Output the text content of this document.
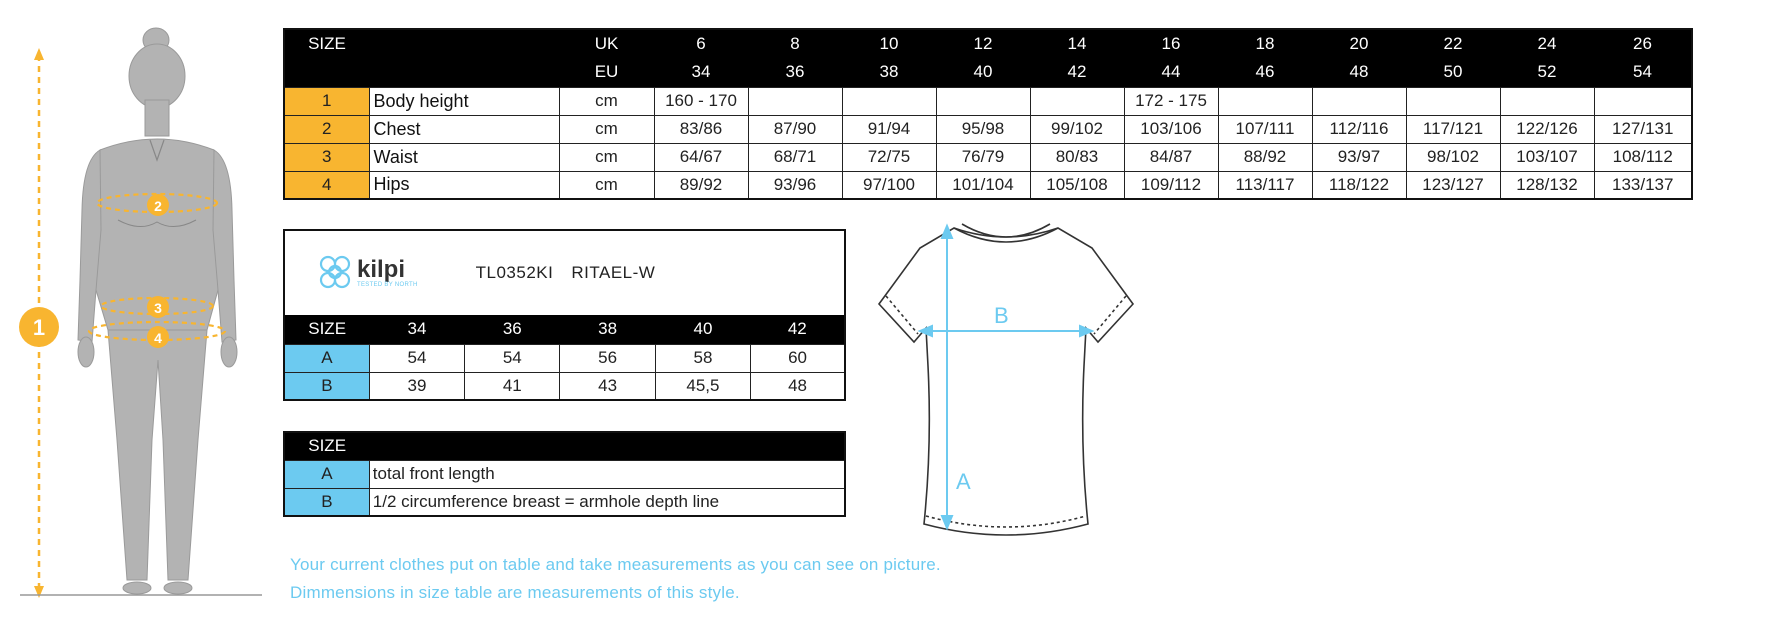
1
2
3
4
SIZE			UK	6	8	10	12	14	16	18	20	22	24	26
			EU	34	36	38	40	42	44	46	48	50	52	54
1	Body height		cm	160 - 170					172 - 175					
2	Chest		cm	83/86	87/90	91/94	95/98	99/102	103/106	107/111	112/116	117/121	122/126	127/131
3	Waist		cm	64/67	68/71	72/75	76/79	80/83	84/87	88/92	93/97	98/102	103/107	108/112
4	Hips		cm	89/92	93/96	97/100	101/104	105/108	109/112	113/117	118/122	123/127	128/132	133/137
kilpi
TESTED BY NORTH
TL0352KI RITAEL-W					

SIZE	34	36	38	40	42
A	54	54	56	58	60
B	39	41	43	45,5	48
SIZE					
A	total front length				
B	1/2 circumference breast = armhole depth line				
A
B
Your current clothes put on table and take measurements as you can see on picture.
Dimmensions in size table are measurements of this style.
